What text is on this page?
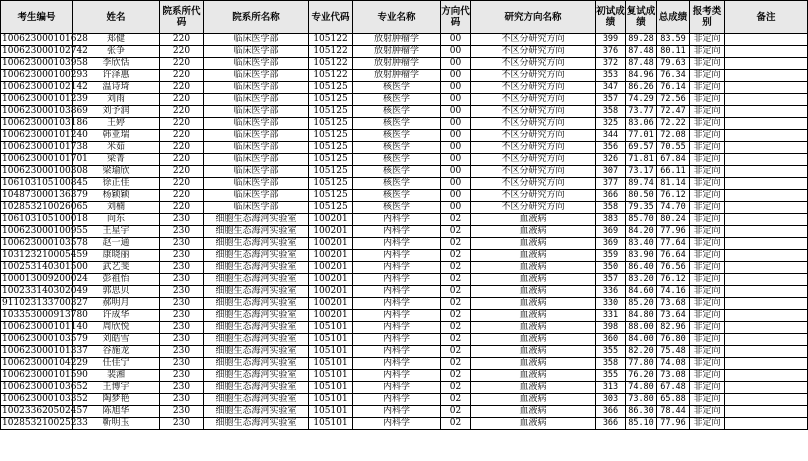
考生编号	姓名	院系所代码	院系所名称	专业代码	专业名称	方向代码	研究方向名称	初试成绩	复试成绩	总成绩	报考类别	备注
100623000101628	郑健	220	临床医学部	105122	放射肿瘤学	00	不区分研究方向	399	89.28	83.59	非定向	
100623000102742	张争	220	临床医学部	105122	放射肿瘤学	00	不区分研究方向	376	87.48	80.11	非定向	
100623000103958	李欣恬	220	临床医学部	105122	放射肿瘤学	00	不区分研究方向	372	87.48	79.63	非定向	
100623000100293	许泽惠	220	临床医学部	105122	放射肿瘤学	00	不区分研究方向	353	84.96	76.34	非定向	
100623000102142	温诗琦	220	临床医学部	105125	核医学	00	不区分研究方向	347	86.26	76.14	非定向	
100623000101239	刘雨	220	临床医学部	105125	核医学	00	不区分研究方向	357	74.29	72.56	非定向	
100623000103869	刘予润	220	临床医学部	105125	核医学	00	不区分研究方向	358	73.77	72.47	非定向	
100623000103186	王婷	220	临床医学部	105125	核医学	00	不区分研究方向	325	83.06	72.22	非定向	
100623000101240	韩亚瑞	220	临床医学部	105125	核医学	00	不区分研究方向	344	77.01	72.08	非定向	
100623000101738	米茹	220	临床医学部	105125	核医学	00	不区分研究方向	356	69.57	70.55	非定向	
100623000101701	梁菁	220	临床医学部	105125	核医学	00	不区分研究方向	326	71.81	67.84	非定向	
100623000100308	梁瑜欣	220	临床医学部	105125	核医学	00	不区分研究方向	307	73.17	66.11	非定向	
106103105100845	徐正佳	220	临床医学部	105125	核医学	00	不区分研究方向	377	89.74	81.14	非定向	
104873000136379	杨颖颖	220	临床医学部	105125	核医学	00	不区分研究方向	366	80.50	76.12	非定向	
102853210026065	刘楠	220	临床医学部	105125	核医学	00	不区分研究方向	358	79.35	74.70	非定向	
106103105100018	向东	230	细胞生态海河实验室	100201	内科学	02	血液病	383	85.70	80.24	非定向	
100623000100955	王星宇	230	细胞生态海河实验室	100201	内科学	02	血液病	369	84.20	77.96	非定向	
100623000103578	赵一通	230	细胞生态海河实验室	100201	内科学	02	血液病	369	83.40	77.64	非定向	
103123210005459	康晓丽	230	细胞生态海河实验室	100201	内科学	02	血液病	359	83.90	76.64	非定向	
100253140301500	武艺斐	230	细胞生态海河实验室	100201	内科学	02	血液病	350	86.40	76.56	非定向	
100013009200024	彭祖怡	230	细胞生态海河实验室	100201	内科学	02	血液病	357	83.20	76.12	非定向	
100233140302049	郭思贝	230	细胞生态海河实验室	100201	内科学	02	血液病	336	84.60	74.16	非定向	
911023133700327	郝明月	230	细胞生态海河实验室	100201	内科学	02	血液病	330	85.20	73.68	非定向	
103353000913780	许成华	230	细胞生态海河实验室	100201	内科学	02	血液病	331	84.80	73.64	非定向	
100623000101140	周欣悦	230	细胞生态海河实验室	105101	内科学	02	血液病	398	88.00	82.96	非定向	
100623000103579	刘皓雪	230	细胞生态海河实验室	105101	内科学	02	血液病	360	84.00	76.80	非定向	
100623000101337	谷施龙	230	细胞生态海河实验室	105101	内科学	02	血液病	355	82.20	75.48	非定向	
100623000104229	任佳宁	230	细胞生态海河实验室	105101	内科学	02	血液病	358	77.80	74.08	非定向	
100623000101590	裴湘	230	细胞生态海河实验室	105101	内科学	02	血液病	355	76.20	73.08	非定向	
100623000103652	王博宇	230	细胞生态海河实验室	105101	内科学	02	血液病	313	74.80	67.48	非定向	
100623000103352	陶梦艳	230	细胞生态海河实验室	105101	内科学	02	血液病	303	73.80	65.88	非定向	
100233620502457	陈旭华	230	细胞生态海河实验室	105101	内科学	02	血液病	366	86.30	78.44	非定向	
102853210025233	靳明玉	230	细胞生态海河实验室	105101	内科学	02	血液病	366	85.10	77.96	非定向	
